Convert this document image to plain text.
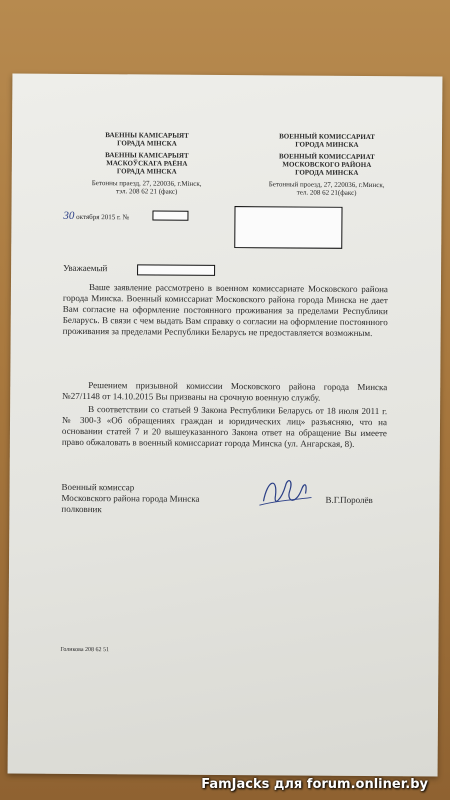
ВАЕННЫ КАМІСАРЫЯТ
ГОРАДА МІНСКА
ВАЕННЫ КАМІСАРЫЯТ
МАСКОЎСКАГА РАЁНА
ГОРАДА МІНСКА
Бетонны праезд, 27, 220036, г.Мінск,
тэл. 208 62 21 (факс)
ВОЕННЫЙ КОМИССАРИАТ
ГОРОДА МИНСКА
ВОЕННЫЙ КОМИССАРИАТ
МОСКОВСКОГО РАЙОНА
ГОРОДА МИНСКА
Бетонный проезд, 27, 220036, г.Минск,
тел. 208 62 21(факс)
30 октября 2015 г. №
Уважаемый

Ваше заявление рассмотрено в военном комиссариате Московского района города Минска. Военный комиссариат Московского района города Минска не дает Вам согласие на оформление постоянного проживания за пределами Республики Беларусь. В связи с чем выдать Вам справку о согласии на оформление постоянного проживания за пределами Республики Беларусь не предоставляется возможным.

Решением призывной комиссии Московского района города Минска №27/1148 от 14.10.2015 Вы призваны на срочную военную службу.

В соответствии со статьей 9 Закона Республики Беларусь от 18 июля 2011 г. № 300-З «Об обращениях граждан и юридических лиц» разъясняю, что на основании статей 7 и 20 вышеуказанного Закона ответ на обращение Вы имеете право обжаловать в военный комиссариат города Минска (ул. Ангарская, 8).

Военный комиссар
Московского района города Минска
полковник
В.Г.Поролёв
Голикова 208 62 51
FamJacks для forum.onliner.by
